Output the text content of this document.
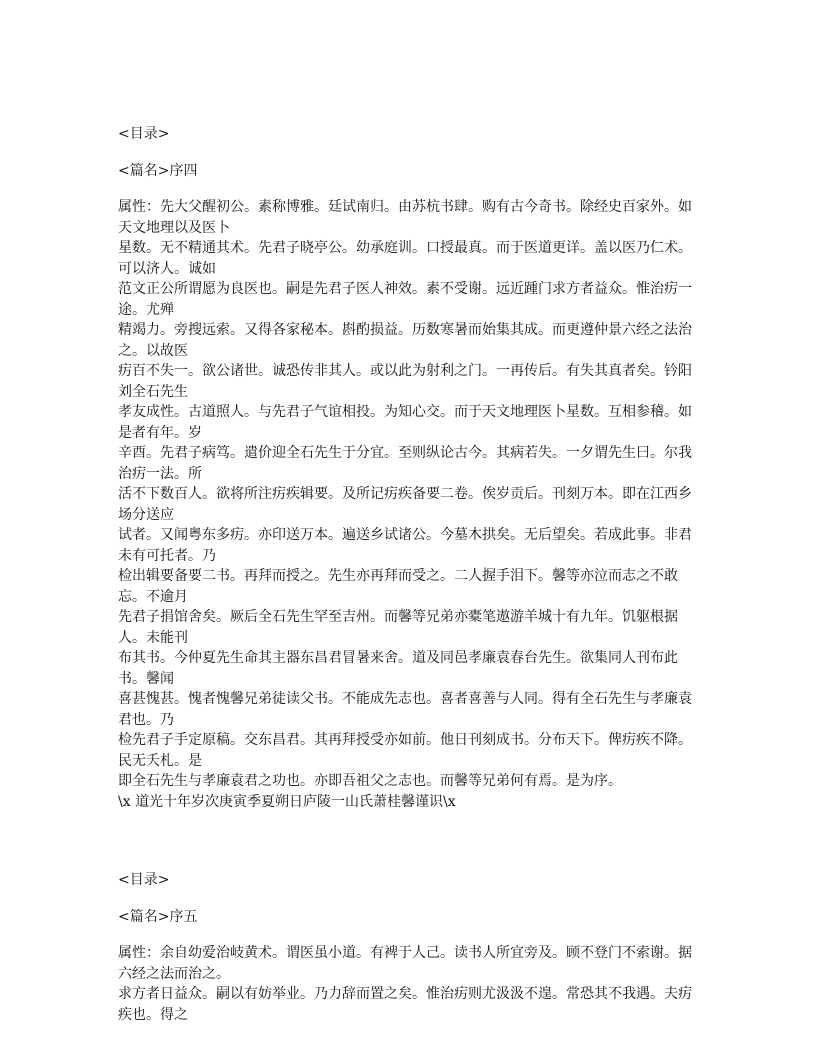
<目录>

<篇名>序四

属性：先大父醒初公。素称博雅。廷试南归。由苏杭书肆。购有古今奇书。除经史百家外。如天文地理以及医卜
星数。无不精通其术。先君子晓亭公。幼承庭训。口授最真。而于医道更详。盖以医乃仁术。可以济人。诚如
范文正公所谓愿为良医也。嗣是先君子医人神效。素不受谢。远近踵门求方者益众。惟治疠一途。尤殚
精竭力。旁搜远索。又得各家秘本。斟酌损益。历数寒暑而始集其成。而更遵仲景六经之法治之。以故医
疠百不失一。欲公诸世。诚恐传非其人。或以此为射利之门。一再传后。有失其真者矣。钤阳刘全石先生
孝友成性。古道照人。与先君子气谊相投。为知心交。而于天文地理医卜星数。互相参稽。如是者有年。岁
辛酉。先君子病笃。遣价迎全石先生于分宜。至则纵论古今。其病若失。一夕谓先生曰。尔我治疠一法。所
活不下数百人。欲将所注疠疾辑要。及所记疠疾备要二卷。俟岁贡后。刊刻万本。即在江西乡场分送应
试者。又闻粤东多疠。亦印送万本。遍送乡试诸公。今墓木拱矣。无后望矣。若成此事。非君未有可托者。乃
检出辑要备要二书。再拜而授之。先生亦再拜而受之。二人握手泪下。馨等亦泣而志之不敢忘。不逾月
先君子捐馆舍矣。厥后全石先生罕至吉州。而馨等兄弟亦橐笔遨游羊城十有九年。饥躯根据人。未能刊
布其书。今仲夏先生命其主器东昌君冒暑来舍。道及同邑孝廉袁春台先生。欲集同人刊布此书。馨闻
喜甚愧甚。愧者愧馨兄弟徒读父书。不能成先志也。喜者喜善与人同。得有全石先生与孝廉袁君也。乃
检先君子手定原稿。交东昌君。其再拜授受亦如前。他日刊刻成书。分布天下。俾疠疾不降。民无夭札。是
即全石先生与孝廉袁君之功也。亦即吾祖父之志也。而馨等兄弟何有焉。是为序。
\x 道光十年岁次庚寅季夏朔日庐陵一山氏萧桂馨谨识\x

<目录>

<篇名>序五

属性：余自幼爱治岐黄术。谓医虽小道。有裨于人己。读书人所宜旁及。顾不登门不索谢。据六经之法而治之。
求方者日益众。嗣以有妨举业。乃力辞而置之矣。惟治疠则尤汲汲不遑。常恐其不我遇。夫疠疾也。得之
